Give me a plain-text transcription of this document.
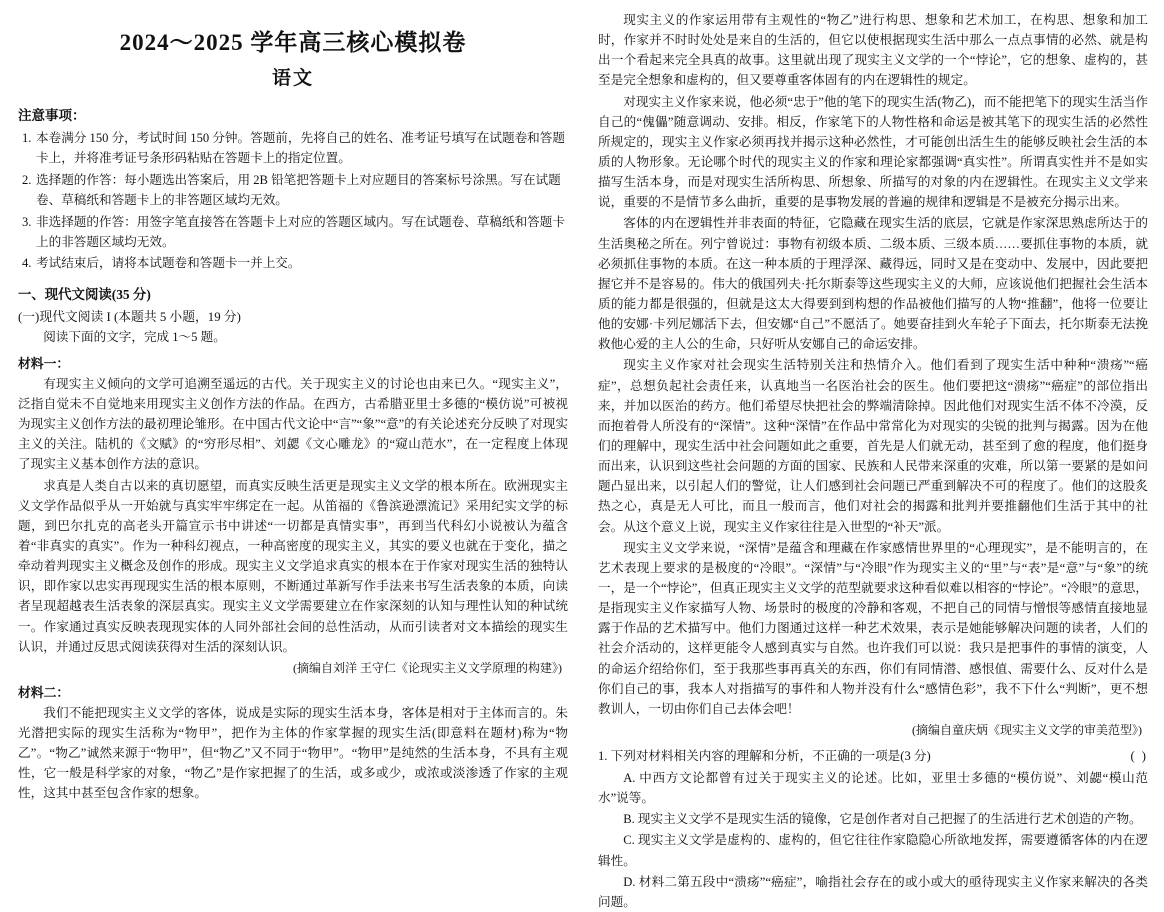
2024～2025 学年高三核心模拟卷
语文
注意事项：
1. 本卷满分 150 分，考试时间 150 分钟。答题前，先将自己的姓名、准考证号填写在试题卷和答题卡上，并将准考证号条形码粘贴在答题卡上的指定位置。
2. 选择题的作答：每小题选出答案后，用 2B 铅笔把答题卡上对应题目的答案标号涂黑。写在试题卷、草稿纸和答题卡上的非答题区域均无效。
3. 非选择题的作答：用签字笔直接答在答题卡上对应的答题区域内。写在试题卷、草稿纸和答题卡上的非答题区域均无效。
4. 考试结束后，请将本试题卷和答题卡一并上交。
一、现代文阅读(35 分)
(一)现代文阅读 I (本题共 5 小题，19 分)

阅读下面的文字，完成 1～5 题。

材料一：

有现实主义倾向的文学可追溯至遥远的古代。关于现实主义的讨论也由来已久。“现实主义”，泛指自觉未不自觉地来用现实主义创作方法的作品。在西方，古希腊亚里士多德的“模仿说”可被视为现实主义创作方法的最初理论雏形。在中国古代文论中“言”“象”“意”的有关论述充分反映了对现实主义的关注。陆机的《文赋》的“穷形尽相”、刘勰《文心雕龙》的“窥山范水”，在一定程度上体现了现实主义基本创作方法的意识。

求真是人类自古以来的真切愿望，而真实反映生活更是现实主义文学的根本所在。欧洲现实主义文学作品似乎从一开始就与真实牢牢绑定在一起。从笛福的《鲁滨逊漂流记》采用纪实文学的标题，到巴尔扎克的高老头开篇宣示书中讲述“一切都是真情实事”，再到当代科幻小说被认为蕴含着“非真实的真实”。作为一种科幻视点，一种高密度的现实主义，其实的要义也就在于变化，描之牵动着判现实主义概念及创作的形成。现实主义文学追求真实的根本在于作家对现实生活的独特认识，即作家以忠实再现现实生活的根本原则，不断通过革新写作手法来书写生活表象的本质，向读者呈现超越表生活表象的深层真实。现实主义文学需要建立在作家深刻的认知与理性认知的种试统一。作家通过真实反映表现现实体的人同外部社会间的总性活动，从而引读者对文本描绘的现实生认识，并通过反思式阅读获得对生活的深刻认识。

(摘编自刘洋 王守仁《论现实主义文学原理的构建》)
材料二：

我们不能把现实主义文学的客体，说成是实际的现实生活本身，客体是相对于主体而言的。朱光潜把实际的现实生活称为“物甲”，把作为主体的作家掌握的现实生活(即意料在题材)称为“物乙”。“物乙”诚然来源于“物甲”，但“物乙”又不同于“物甲”。“物甲”是纯然的生活本身，不具有主观性，它一般是科学家的对象，“物乙”是作家把握了的生活，或多或少，或浓或淡渗透了作家的主观性，这其中甚至包含作家的想象。

现实主义的作家运用带有主观性的“物乙”进行构思、想象和艺术加工，在构思、想象和加工时，作家并不时时处处是来自的生活的，但它以使根据现实生活中那么一点点事情的必然、就是构出一个看起来完全具真的故事。这里就出现了现实主义文学的一个“悖论”，它的想象、虚构的，甚至是完全想象和虚构的，但又要尊重客体固有的内在逻辑性的规定。

对现实主义作家来说，他必须“忠于”他的笔下的现实生活(物乙)，而不能把笔下的现实生活当作自己的“傀儡”随意调动、安排。相反，作家笔下的人物性格和命运是被其笔下的现实生活的必然性所规定的，现实主义作家必须再找并揭示这种必然性，才可能创出活生生的能够反映社会生活的本质的人物形象。无论哪个时代的现实主义的作家和理论家都强调“真实性”。所谓真实性并不是如实描写生活本身，而是对现实生活所构思、所想象、所描写的对象的内在逻辑性。在现实主义文学来说，重要的不是情节多么曲折，重要的是事物发展的普遍的规律和逻辑是不是被充分揭示出来。

客体的内在逻辑性并非表面的特征，它隐藏在现实生活的底层，它就是作家深思熟虑所达于的生活奥秘之所在。列宁曾说过：事物有初级本质、二级本质、三级本质……要抓住事物的本质，就必须抓住事物的本质。在这一种本质的于理浮深、藏得远，同时又是在变动中、发展中，因此要把握它并不是容易的。伟大的俄国列夫·托尔斯泰等这些现实主义的大师，应该说他们把握社会生活本质的能力都是很强的，但就是这太大得要到到构想的作品被他们描写的人物“推翻”，他将一位要让他的安娜·卡列尼娜活下去，但安娜“自己”不愿活了。她要奋挂到火车轮子下面去，托尔斯泰无法挽救他心爱的主人公的生命，只好听从安娜自己的命运安排。

现实主义作家对社会现实生活特别关注和热情介入。他们看到了现实生活中种种“溃疡”“癌症”，总想负起社会责任来，认真地当一名医治社会的医生。他们要把这“溃疡”“癌症”的部位指出来，并加以医治的药方。他们希望尽快把社会的弊端清除掉。因此他们对现实生活不体不冷漠，反而抱着骨人所没有的“深情”。这种“深情”在作品中常常化为对现实的尖锐的批判与揭露。因为在他们的理解中，现实生活中社会问题如此之重要，首先是人们就无动，甚至到了愈的程度，他们挺身而出来，认识到这些社会问题的方面的国家、民族和人民带来深重的灾难，所以第一要紧的是如问题凸显出来，以引起人们的警觉，让人们感到社会问题已严重到解决不可的程度了。他们的这股炙热之心，真是无人可比，而且一般而言，他们对社会的揭露和批判并要推翻他们生活于其中的社会。从这个意义上说，现实主义作家往往是入世型的“补天”派。

现实主义文学来说，“深情”是蕴含和理藏在作家感情世界里的“心理现实”，是不能明言的，在艺术表现上要求的是极度的“冷眼”。“深情”与“冷眼”作为现实主义的“里”与“表”是“意”与“象”的统一，是一个“悖论”，但真正现实主义文学的范型就要求这种看似难以相容的“悖论”。“冷眼”的意思，是指现实主义作家描写人物、场景时的极度的冷静和客观，不把自己的同情与憎恨等感情直接地显露于作品的艺术描写中。他们力图通过这样一种艺术效果，表示是她能够解决问题的读者，人们的社会介活动的，这样更能令人感到真实与自然。也许我们可以说：我只是把事件的事情的演变，人的命运介绍给你们，至于我那些事再真关的东西，你们有同情潜、感恨值、需要什么、反对什么是你们自己的事，我本人对指描写的事件和人物并没有什么“感情色彩”，我不下什么“判断”，更不想教训人，一切由你们自己去体会吧！

(摘编自童庆炳《现实主义文学的审美范型》)

1. 下列对材料相关内容的理解和分析，不正确的一项是(3 分)	( )

A. 中西方文论都曾有过关于现实主义的论述。比如，亚里士多德的“模仿说”、刘勰“模山范水”说等。

B. 现实主义文学不是现实生活的镜像，它是创作者对自己把握了的生活进行艺术创造的产物。

C. 现实主义文学是虚构的、虚构的，但它往往作家隐隐心所欲地发挥，需要遵循客体的内在逻辑性。

D. 材料二第五段中“溃疡”“癌症”，喻指社会存在的或小或大的亟待现实主义作家来解决的各类问题。
